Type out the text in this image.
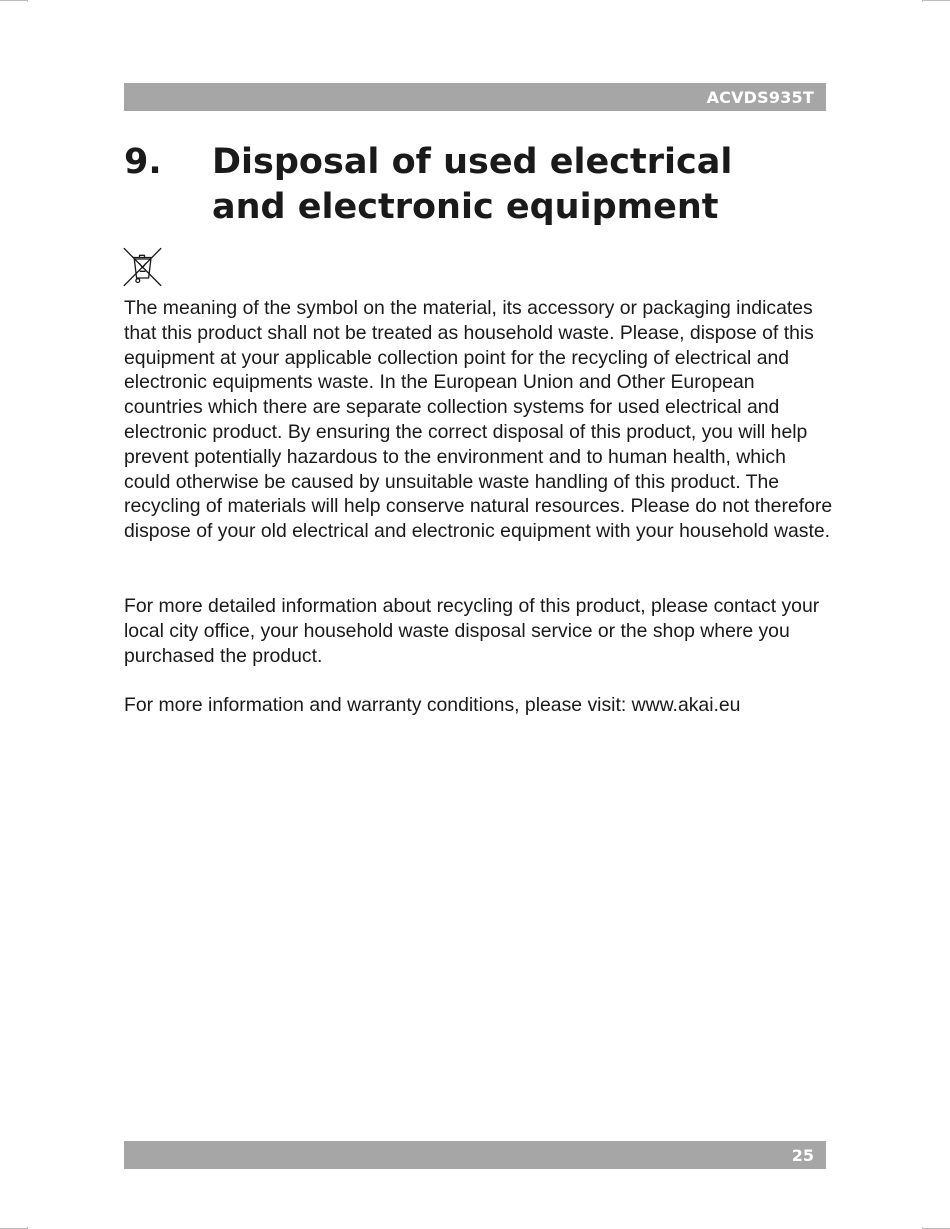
ACVDS935T
9. Disposal of used electrical
and electronic equipment

The meaning of the symbol on the material, its accessory or packaging indicates that this product shall not be treated as household waste. Please, dispose of this equipment at your applicable collection point for the recycling of electrical and electronic equipments waste. In the European Union and Other European countries which there are separate collection systems for used electrical and electronic product. By ensuring the correct disposal of this product, you will help prevent potentially hazardous to the environment and to human health, which could otherwise be caused by unsuitable waste handling of this product. The recycling of materials will help conserve natural resources. Please do not therefore dispose of your old electrical and electronic equipment with your household waste.

For more detailed information about recycling of this product, please contact your local city office, your household waste disposal service or the shop where you purchased the product.

For more information and warranty conditions, please visit: www.akai.eu

25
